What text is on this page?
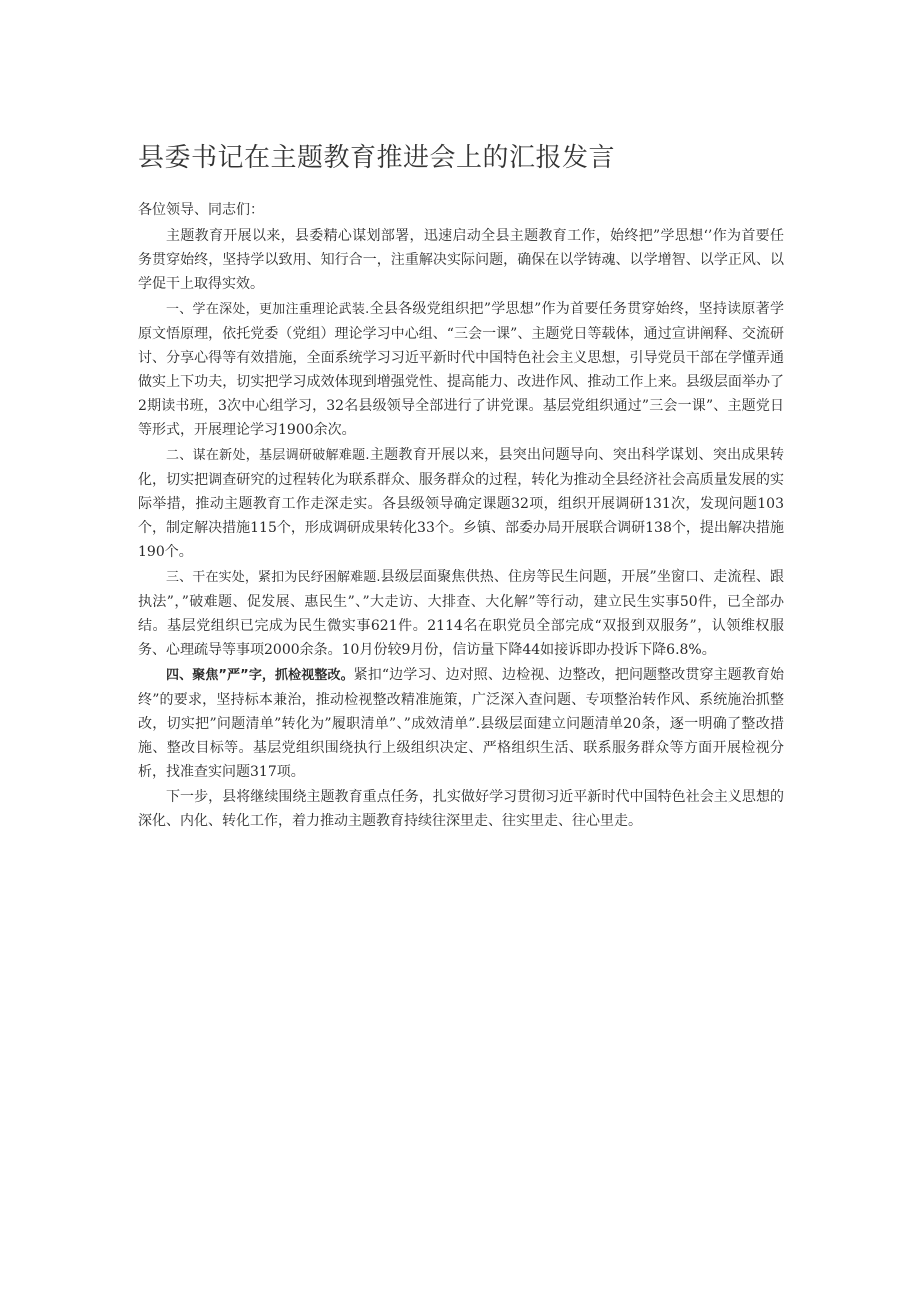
县委书记在主题教育推进会上的汇报发言

各位领导、同志们：

主题教育开展以来，县委精心谋划部署，迅速启动全县主题教育工作，始终把”学思想‘’作为首要任务贯穿始终，坚持学以致用、知行合一，注重解决实际问题，确保在以学铸魂、以学增智、以学正风、以学促干上取得实效。

一、学在深处，更加注重理论武装.全县各级党组织把”学思想”作为首要任务贯穿始终，坚持读原著学原文悟原理，依托党委（党组）理论学习中心组、“三会一课”、主题党日等载体，通过宣讲阐释、交流研讨、分享心得等有效措施，全面系统学习习近平新时代中国特色社会主义思想，引导党员干部在学懂弄通做实上下功夫，切实把学习成效体现到增强党性、提高能力、改进作风、推动工作上来。县级层面举办了2期读书班，3次中心组学习，32名县级领导全部进行了讲党课。基层党组织通过”三会一课”、主题党日等形式，开展理论学习1900余次。

二、谋在新处，基层调研破解难题.主题教育开展以来，县突出问题导向、突出科学谋划、突出成果转化，切实把调查研究的过程转化为联系群众、服务群众的过程，转化为推动全县经济社会高质量发展的实际举措，推动主题教育工作走深走实。各县级领导确定课题32项，组织开展调研131次，发现问题103个，制定解决措施115个，形成调研成果转化33个。乡镇、部委办局开展联合调研138个，提出解决措施190个。

三、干在实处，紧扣为民纾困解难题.县级层面聚焦供热、住房等民生问题，开展”坐窗口、走流程、跟执法”，”破难题、促发展、惠民生”、”大走访、大排查、大化解”等行动，建立民生实事50件，已全部办结。基层党组织已完成为民生微实事621件。2114名在职党员全部完成“双报到双服务”，认领维权服务、心理疏导等事项2000余条。10月份较9月份，信访量下降44如接诉即办投诉下降6.8%。

四、聚焦”严”字，抓检视整改。紧扣“边学习、边对照、边检视、边整改，把问题整改贯穿主题教育始终”的要求，坚持标本兼治，推动检视整改精准施策，广泛深入查问题、专项整治转作风、系统施治抓整改，切实把”问题清单”转化为”履职清单”、”成效清单”.县级层面建立问题清单20条，逐一明确了整改措施、整改目标等。基层党组织围绕执行上级组织决定、严格组织生活、联系服务群众等方面开展检视分析，找准查实问题317项。

下一步，县将继续围绕主题教育重点任务，扎实做好学习贯彻习近平新时代中国特色社会主义思想的深化、内化、转化工作，着力推动主题教育持续往深里走、往实里走、往心里走。
